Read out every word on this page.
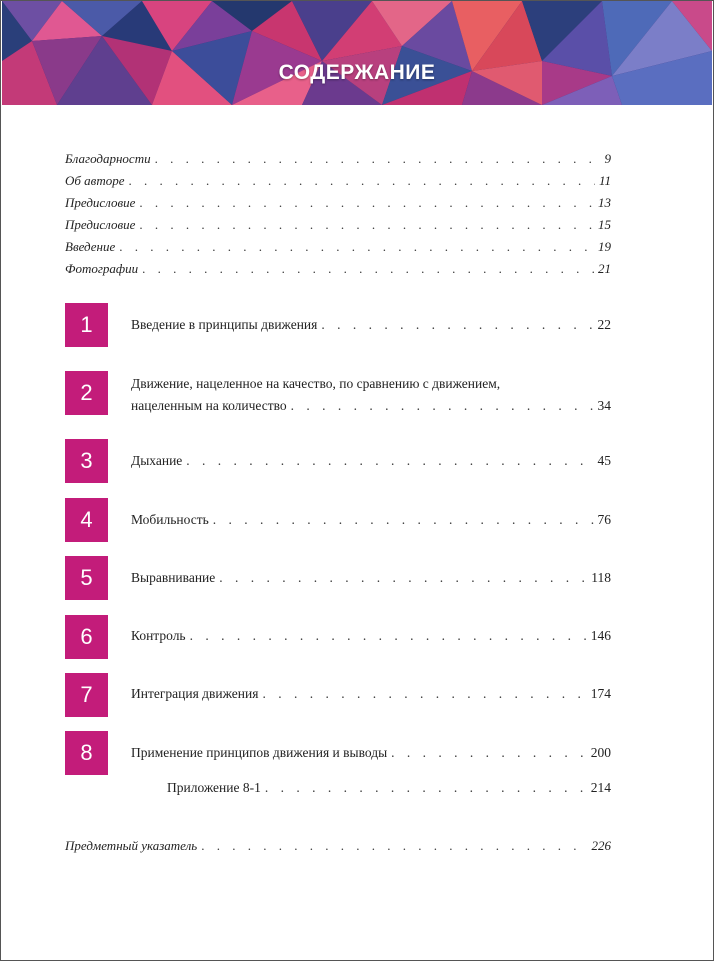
СОДЕРЖАНИЕ
Благодарности . . .	9
Об авторе . . .	11
Предисловие . . .	13
Предисловие . . .	15
Введение . . .	19
Фотографии . . .	21
1	Введение в принципы движения . . .	22
2	Движение, нацеленное на качество, по сравнению с движением,
нацеленным на количество . . .	34
3	Дыхание . . .	45
4	Мобильность . . .	76
5	Выравнивание . . .	118
6	Контроль . . .	146
7	Интеграция движения . . .	174
8	Применение принципов движения и выводы . . .	200
Приложение 8-1 . . .	214
Предметный указатель . . .	226
